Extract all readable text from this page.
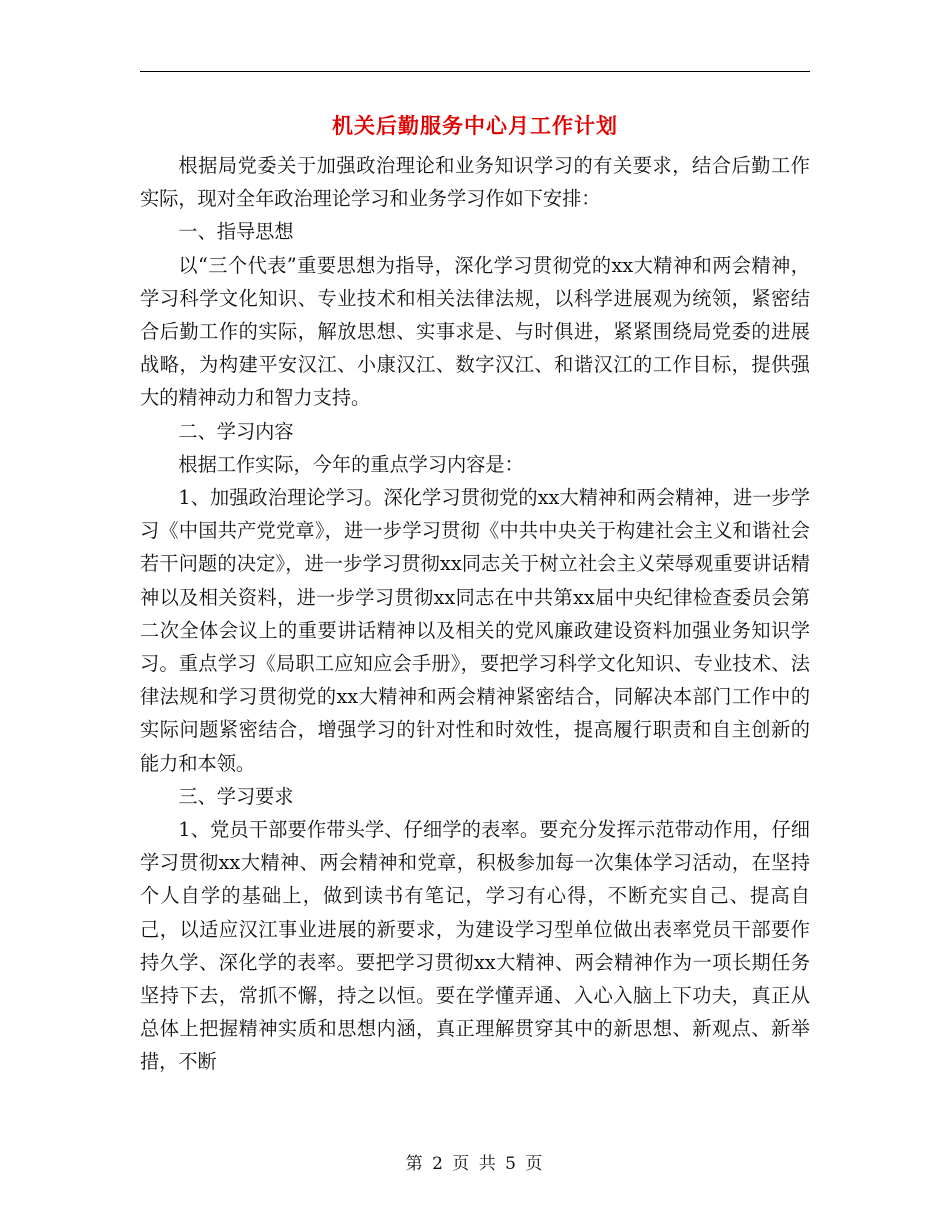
机关后勤服务中心月工作计划

根据局党委关于加强政治理论和业务知识学习的有关要求，结合后勤工作实际，现对全年政治理论学习和业务学习作如下安排：

一、指导思想

以“三个代表”重要思想为指导，深化学习贯彻党的xx大精神和两会精神，学习科学文化知识、专业技术和相关法律法规，以科学进展观为统领，紧密结合后勤工作的实际，解放思想、实事求是、与时俱进，紧紧围绕局党委的进展战略，为构建平安汉江、小康汉江、数字汉江、和谐汉江的工作目标，提供强大的精神动力和智力支持。

二、学习内容

根据工作实际，今年的重点学习内容是：

1、加强政治理论学习。深化学习贯彻党的xx大精神和两会精神，进一步学习《中国共产党党章》，进一步学习贯彻《中共中央关于构建社会主义和谐社会若干问题的决定》，进一步学习贯彻xx同志关于树立社会主义荣辱观重要讲话精神以及相关资料，进一步学习贯彻xx同志在中共第xx届中央纪律检查委员会第二次全体会议上的重要讲话精神以及相关的党风廉政建设资料加强业务知识学习。重点学习《局职工应知应会手册》，要把学习科学文化知识、专业技术、法律法规和学习贯彻党的xx大精神和两会精神紧密结合，同解决本部门工作中的实际问题紧密结合，增强学习的针对性和时效性，提高履行职责和自主创新的能力和本领。

三、学习要求

1、党员干部要作带头学、仔细学的表率。要充分发挥示范带动作用，仔细学习贯彻xx大精神、两会精神和党章，积极参加每一次集体学习活动，在坚持个人自学的基础上，做到读书有笔记，学习有心得，不断充实自己、提高自己，以适应汉江事业进展的新要求，为建设学习型单位做出表率党员干部要作持久学、深化学的表率。要把学习贯彻xx大精神、两会精神作为一项长期任务坚持下去，常抓不懈，持之以恒。要在学懂弄通、入心入脑上下功夫，真正从总体上把握精神实质和思想内涵，真正理解贯穿其中的新思想、新观点、新举措，不断

第 2 页 共 5 页
